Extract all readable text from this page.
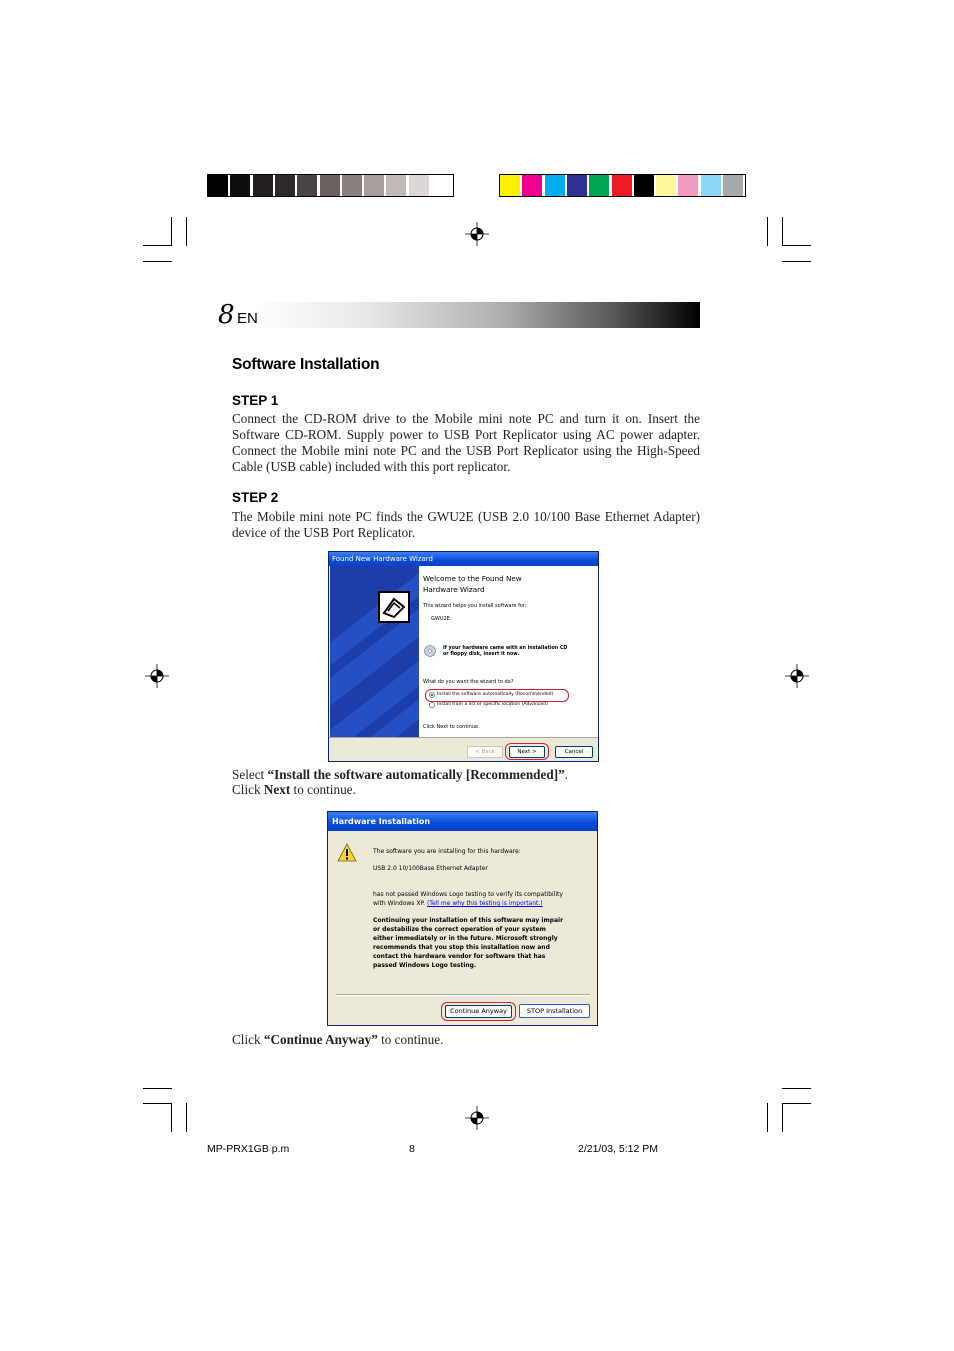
8 EN
Software Installation
STEP 1
Connect the CD-ROM drive to the Mobile mini note PC and turn it on. Insert the
Software CD-ROM. Supply power to USB Port Replicator using AC power adapter.
Connect the Mobile mini note PC and the USB Port Replicator using the High-Speed
Cable (USB cable) included with this port replicator.
STEP 2
The Mobile mini note PC finds the GWU2E (USB 2.0 10/100 Base Ethernet Adapter)
device of the USB Port Replicator.
Found New Hardware Wizard
Welcome to the Found New
Hardware Wizard
This wizard helps you install software for:
GWU2E
If your hardware came with an installation CD
or floppy disk, insert it now.
What do you want the wizard to do?
Install the software automatically (Recommended)
Install from a list or specific location (Advanced)
Click Next to continue.
< Back	Next >	Cancel
Select “Install the software automatically [Recommended]”.
Click Next to continue.
Hardware Installation
The software you are installing for this hardware:
USB 2.0 10/100Base Ethernet Adapter
has not passed Windows Logo testing to verify its compatibility
with Windows XP. (Tell me why this testing is important.)
Continuing your installation of this software may impair
or destabilize the correct operation of your system
either immediately or in the future. Microsoft strongly
recommends that you stop this installation now and
contact the hardware vendor for software that has
passed Windows Logo testing.
Continue Anyway	STOP Installation
Click “Continue Anyway” to continue.
MP-PRX1GB p.m	8	2/21/03, 5:12 PM
